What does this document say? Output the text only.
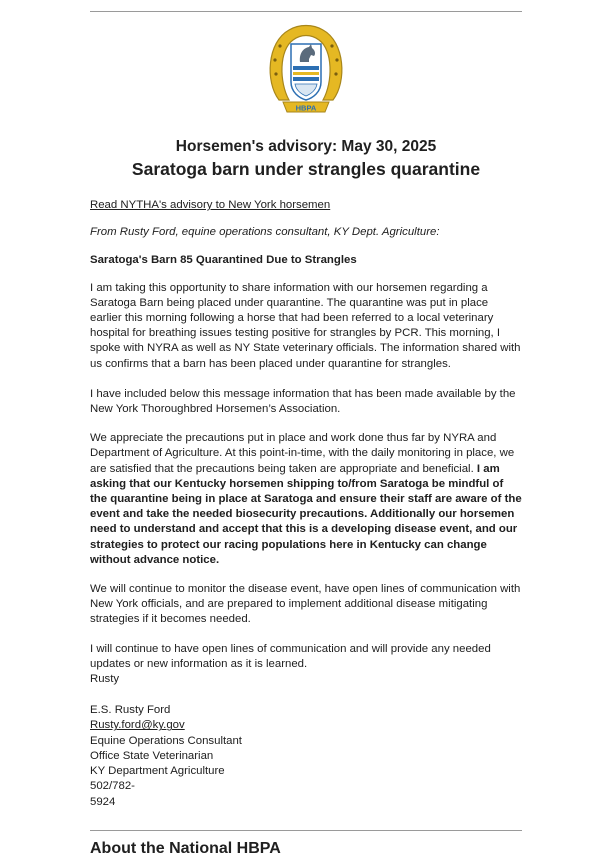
HBPA
Horsemen's advisory: May 30, 2025
Saratoga barn under strangles quarantine
Read NYTHA's advisory to New York horsemen
From Rusty Ford, equine operations consultant, KY Dept. Agriculture:
Saratoga's Barn 85 Quarantined Due to Strangles
I am taking this opportunity to share information with our horsemen regarding a Saratoga Barn being placed under quarantine. The quarantine was put in place earlier this morning following a horse that had been referred to a local veterinary hospital for breathing issues testing positive for strangles by PCR. This morning, I spoke with NYRA as well as NY State veterinary officials. The information shared with us confirms that a barn has been placed under quarantine for strangles.
I have included below this message information that has been made available by the New York Thoroughbred Horsemen’s Association.
We appreciate the precautions put in place and work done thus far by NYRA and Department of Agriculture. At this point-in-time, with the daily monitoring in place, we are satisfied that the precautions being taken are appropriate and beneficial. I am asking that our Kentucky horsemen shipping to/from Saratoga be mindful of the quarantine being in place at Saratoga and ensure their staff are aware of the event and take the needed biosecurity precautions. Additionally our horsemen need to understand and accept that this is a developing disease event, and our strategies to protect our racing populations here in Kentucky can change without advance notice.
We will continue to monitor the disease event, have open lines of communication with New York officials, and are prepared to implement additional disease mitigating strategies if it becomes needed.
I will continue to have open lines of communication and will provide any needed updates or new information as it is learned.
Rusty
E.S. Rusty Ford
Rusty.ford@ky.gov
Equine Operations Consultant
Office State Veterinarian
KY Department Agriculture
502/782-
5924
About the National HBPA
